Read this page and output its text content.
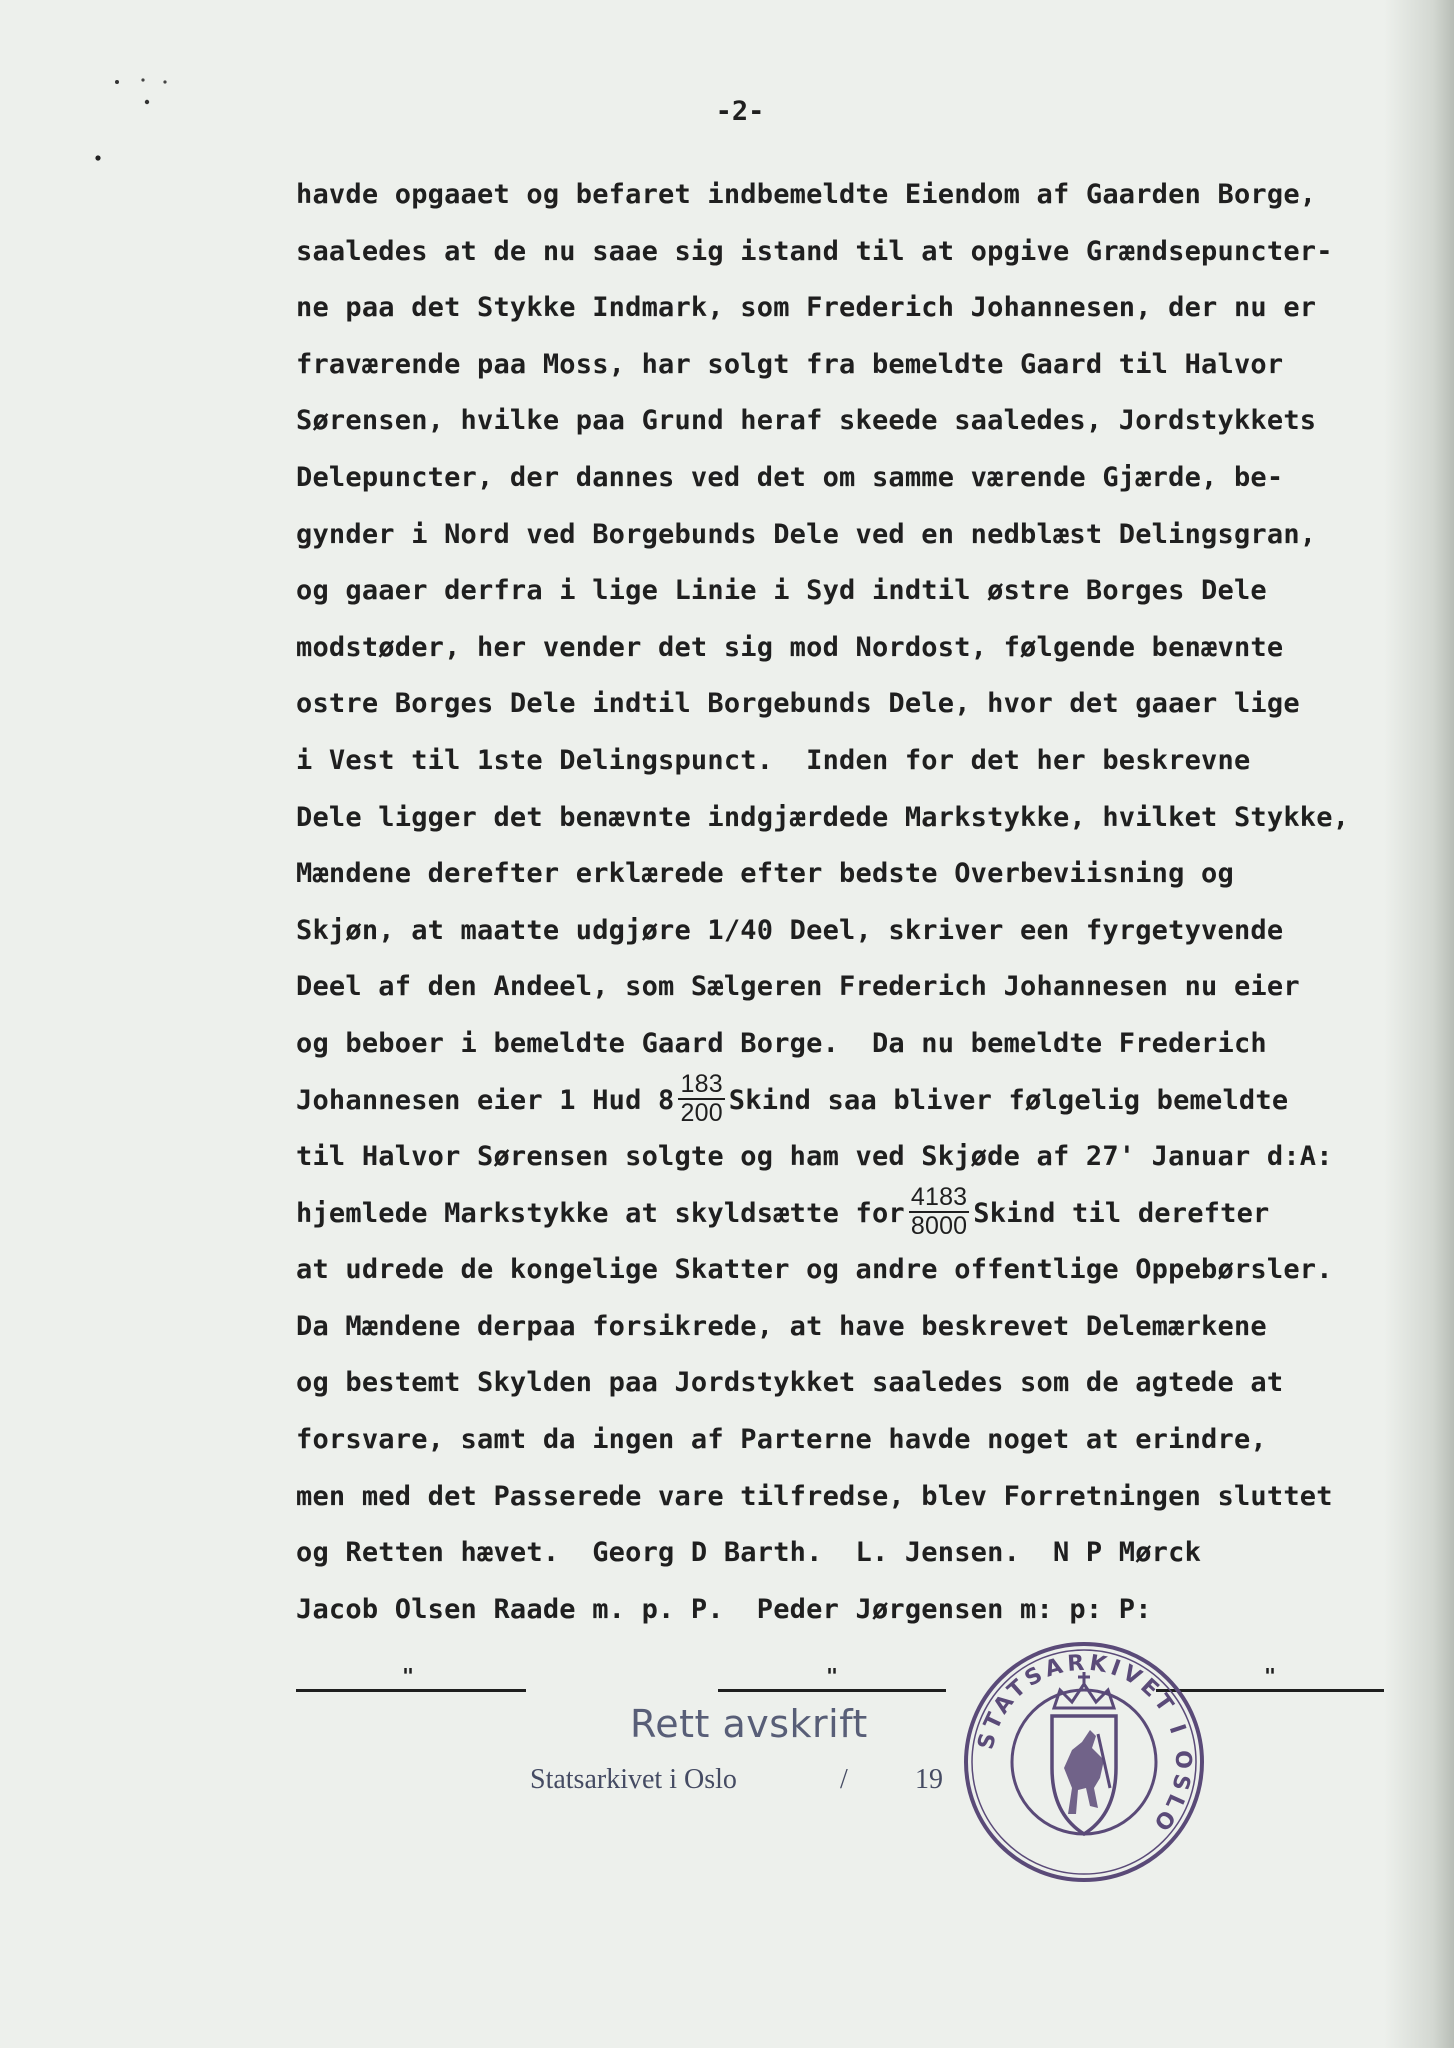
-2-
havde opgaaet og befaret indbemeldte Eiendom af Gaarden Borge,
saaledes at de nu saae sig istand til at opgive Grændsepuncter-
ne paa det Stykke Indmark, som Frederich Johannesen, der nu er
fraværende paa Moss, har solgt fra bemeldte Gaard til Halvor
Sørensen, hvilke paa Grund heraf skeede saaledes, Jordstykkets
Delepuncter, der dannes ved det om samme værende Gjærde, be-
gynder i Nord ved Borgebunds Dele ved en nedblæst Delingsgran,
og gaaer derfra i lige Linie i Syd indtil østre Borges Dele
modstøder, her vender det sig mod Nordost, følgende benævnte
ostre Borges Dele indtil Borgebunds Dele, hvor det gaaer lige
i Vest til 1ste Delingspunct.  Inden for det her beskrevne
Dele ligger det benævnte indgjærdede Markstykke, hvilket Stykke,
Mændene derefter erklærede efter bedste Overbeviisning og
Skjøn, at maatte udgjøre 1/40 Deel, skriver een fyrgetyvende
Deel af den Andeel, som Sælgeren Frederich Johannesen nu eier
og beboer i bemeldte Gaard Borge.  Da nu bemeldte Frederich
Johannesen eier 1 Hud $8 \frac{183}{200}$ Skind saa bliver følgelig bemeldte
til Halvor Sørensen solgte og ham ved Skjøde af 27' Januar d:A:
hjemlede Markstykke at skyldsætte for $\frac{4183}{8000}$ Skind til derefter
at udrede de kongelige Skatter og andre offentlige Oppebørsler.
Da Mændene derpaa forsikrede, at have beskrevet Delemærkene
og bestemt Skylden paa Jordstykket saaledes som de agtede at
forsvare, samt da ingen af Parterne havde noget at erindre,
men med det Passerede vare tilfredse, blev Forretningen sluttet
og Retten hævet.  Georg D Barth.  L. Jensen.  N P Mørck
Jacob Olsen Raade m. p. P.  Peder Jørgensen m: p: P:
"	"	"
Rett avskrift
Statsarkivet i Oslo	/ 19
STATSARKIVET I OSLO
